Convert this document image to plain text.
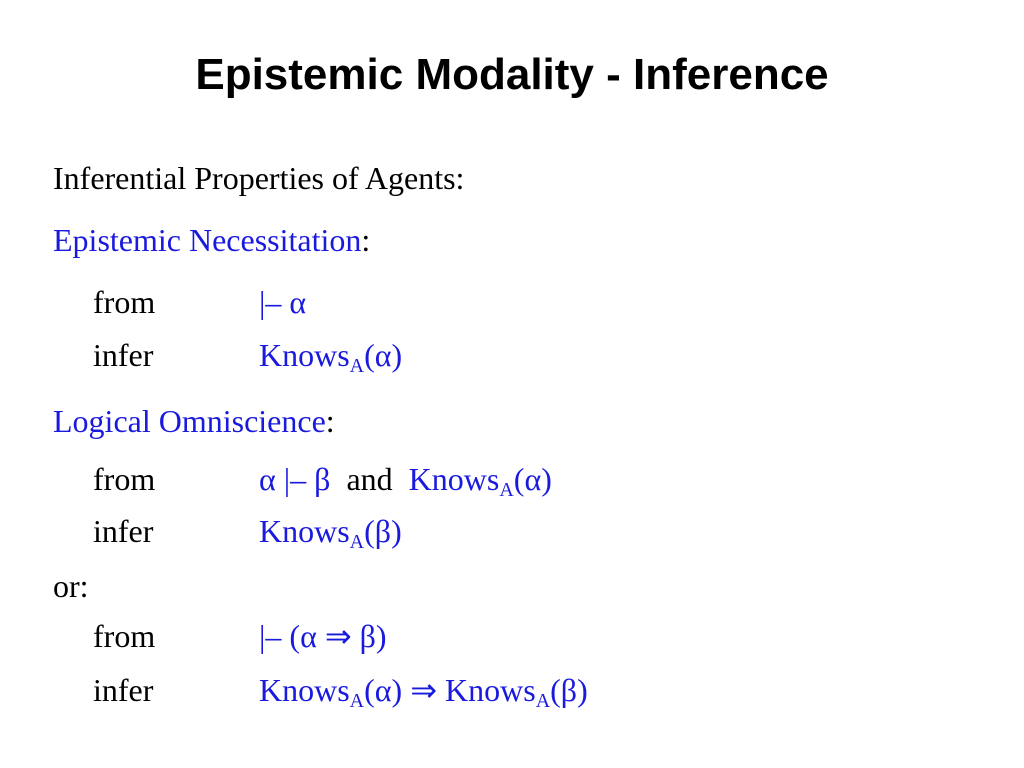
Epistemic Modality - Inference
Inferential Properties of Agents:
Epistemic Necessitation:
from	|– α
infer	Knows$_A$(α)
Logical Omniscience:
from	α |– β and Knows$_A$(α)
infer	Knows$_A$(β)
or:
from	|– (α ⇒ β)
infer	Knows$_A$(α) ⇒ Knows$_A$(β)
